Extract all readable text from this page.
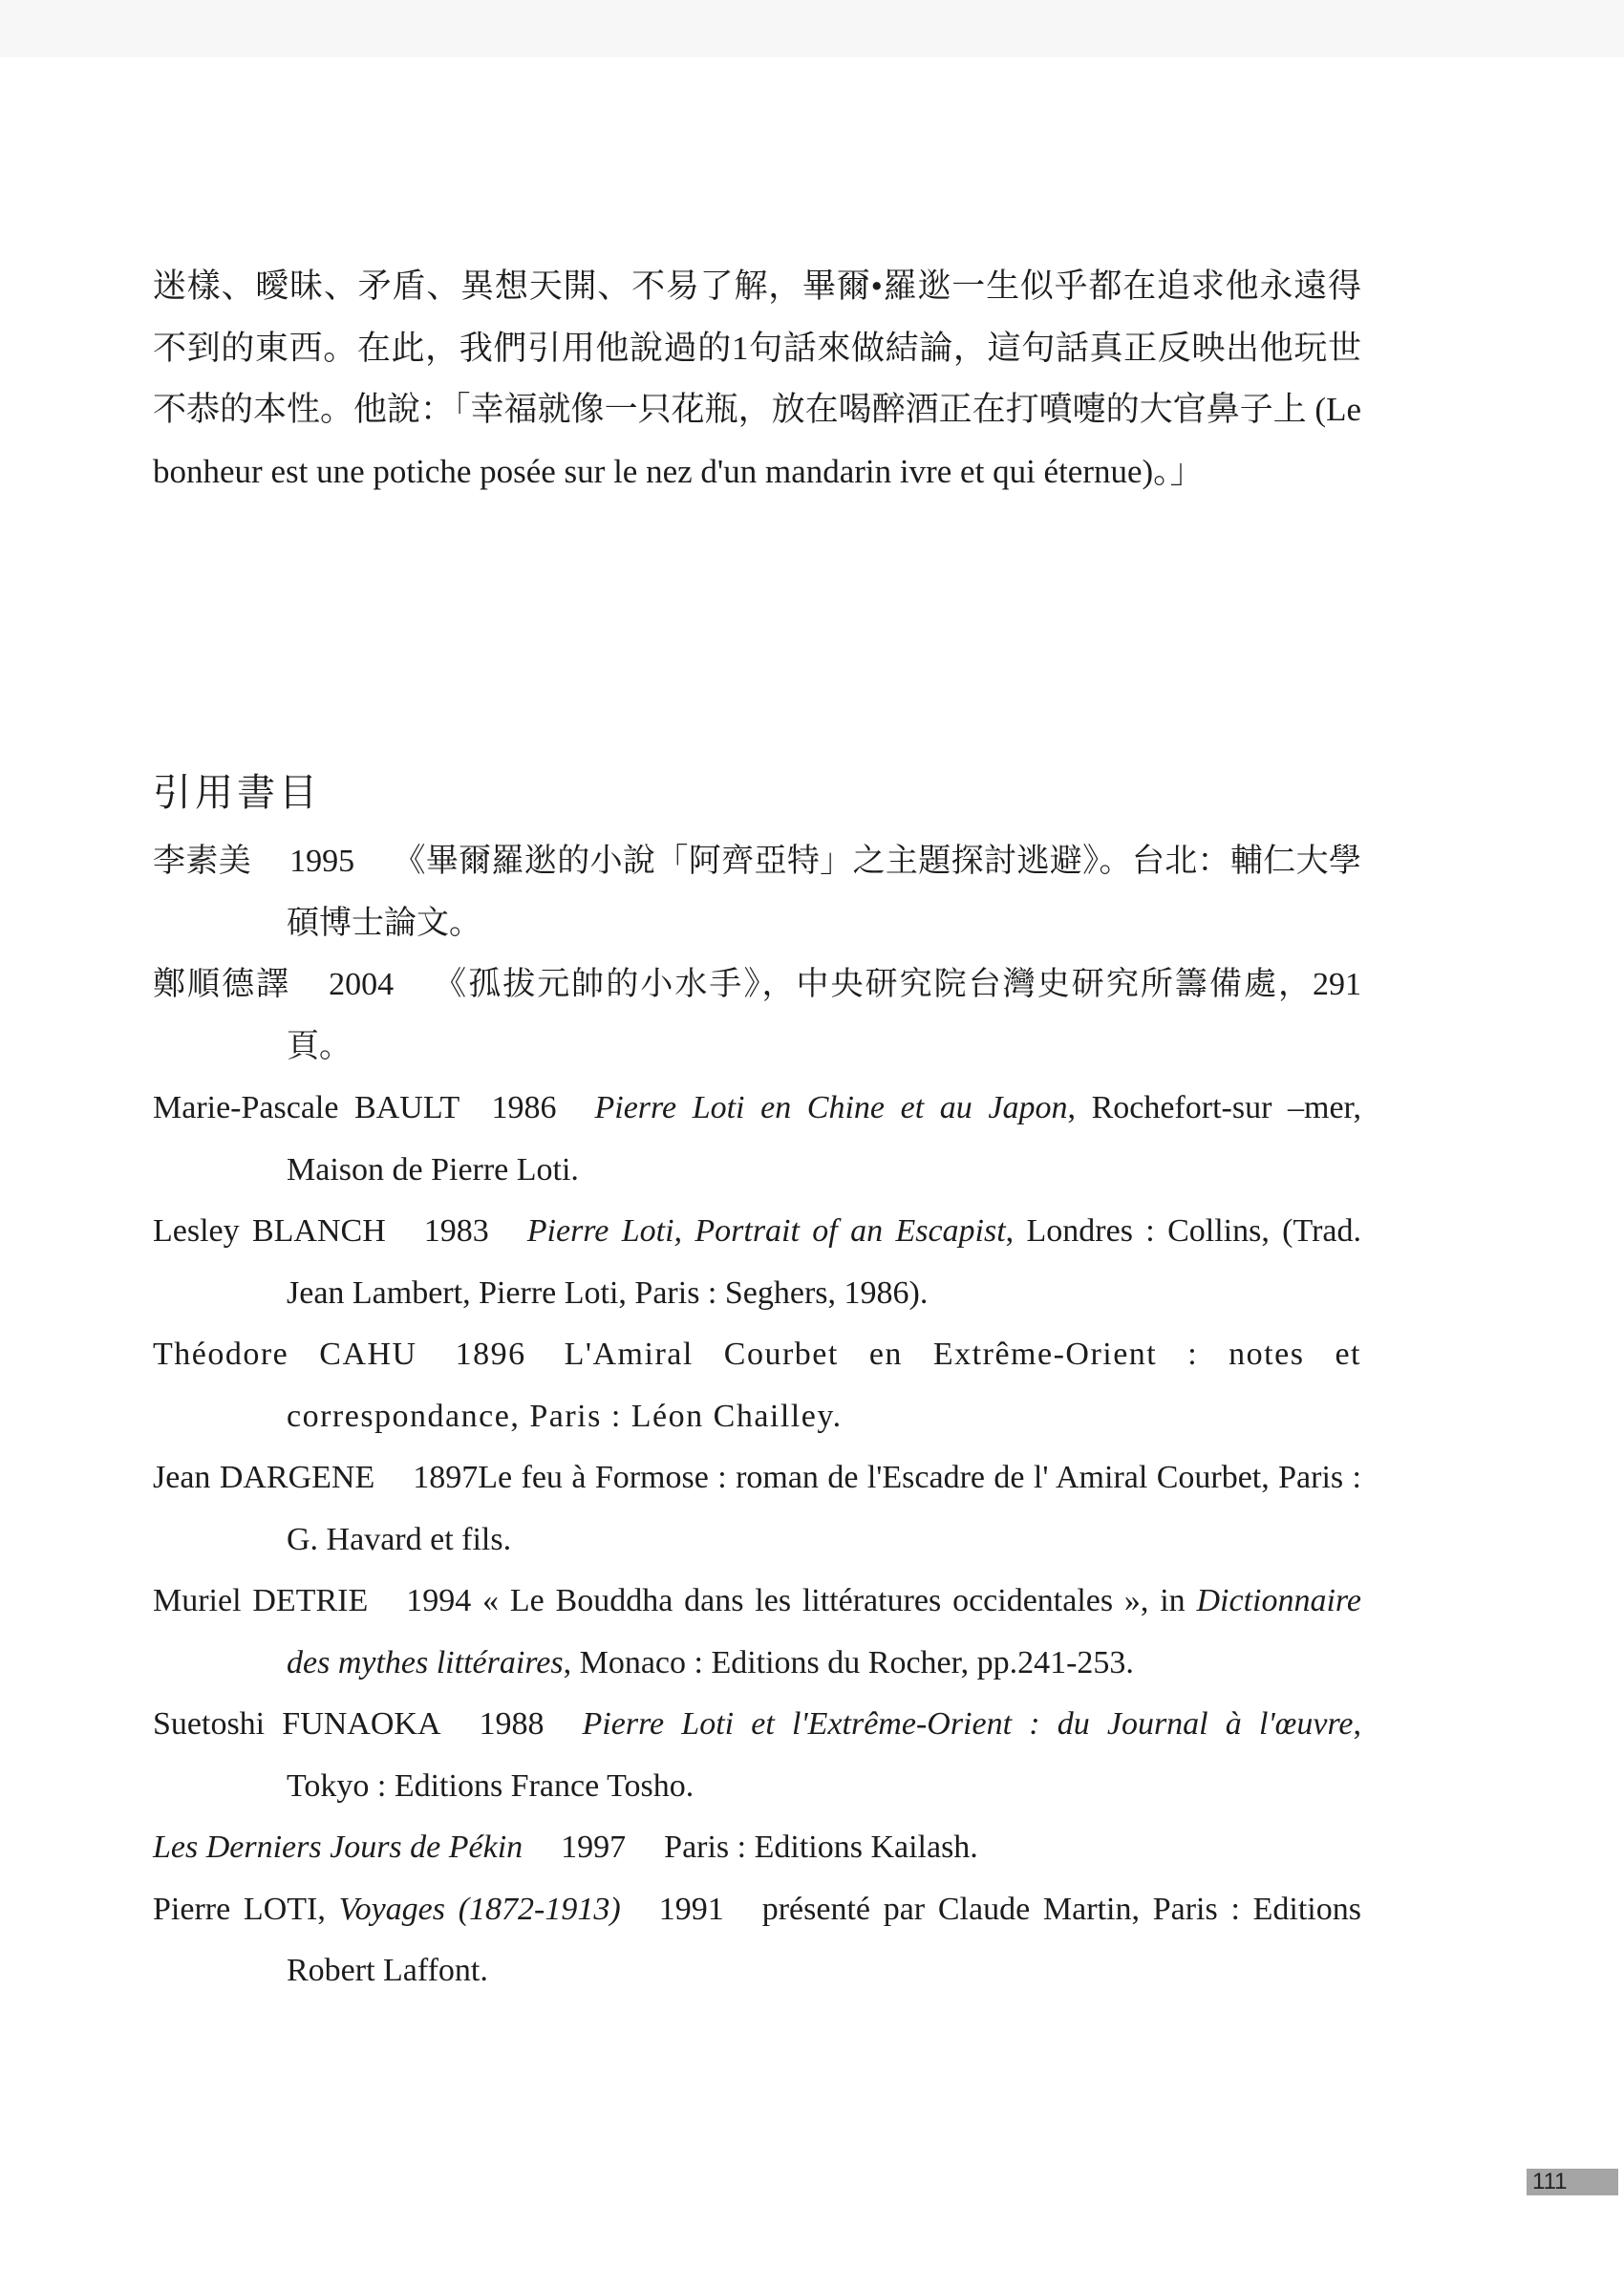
迷樣、曖昧、矛盾、異想天開、不易了解，畢爾•羅逖一生似乎都在追求他永遠得不到的東西。在此，我們引用他說過的1句話來做結論，這句話真正反映出他玩世不恭的本性。他說：「幸福就像一只花瓶，放在喝醉酒正在打噴嚏的大官鼻子上 (Le bonheur est une potiche posée sur le nez d'un mandarin ivre et qui éternue)。」

引用書目

李素美 1995 《畢爾羅逖的小說「阿齊亞特」之主題探討逃避》。台北：輔仁大學碩博士論文。

鄭順德譯 2004 《孤拔元帥的小水手》，中央研究院台灣史研究所籌備處，291頁。

Marie-Pascale BAULT 1986 Pierre Loti en Chine et au Japon, Rochefort-sur –mer, Maison de Pierre Loti.

Lesley BLANCH 1983 Pierre Loti, Portrait of an Escapist, Londres : Collins, (Trad. Jean Lambert, Pierre Loti, Paris : Seghers, 1986).

Théodore CAHU 1896 L'Amiral Courbet en Extrême-Orient : notes et correspondance, Paris : Léon Chailley.

Jean DARGENE 1897Le feu à Formose : roman de l'Escadre de l' Amiral Courbet, Paris : G. Havard et fils.

Muriel DETRIE 1994 « Le Bouddha dans les littératures occidentales », in Dictionnaire des mythes littéraires, Monaco : Editions du Rocher, pp.241-253.

Suetoshi FUNAOKA 1988 Pierre Loti et l'Extrême-Orient : du Journal à l'œuvre, Tokyo : Editions France Tosho.

Les Derniers Jours de Pékin 1997 Paris : Editions Kailash.

Pierre LOTI, Voyages (1872-1913) 1991 présenté par Claude Martin, Paris : Editions Robert Laffont.

111
